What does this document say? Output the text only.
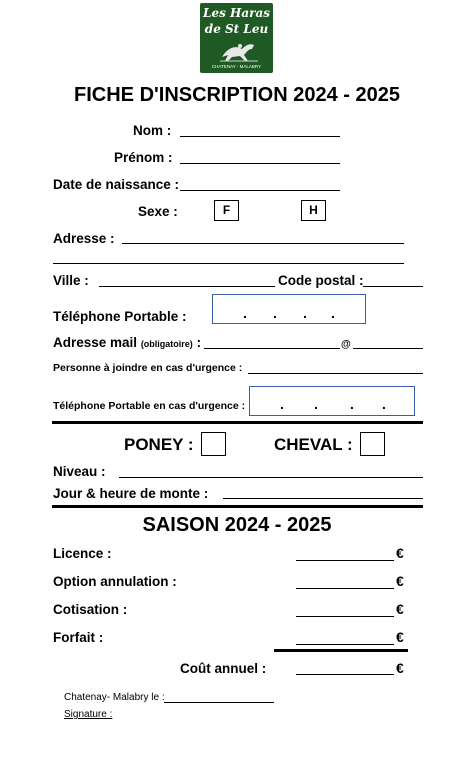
Les Haras
de St Leu
CHATENAY - MALABRY
FICHE D'INSCRIPTION 2024 - 2025
Nom :
Prénom :
Date de naissance :
Sexe :	F	H
Adresse :
Ville :	Code postal :
Téléphone Portable :	. . . .
Adresse mail (obligatoire) :	@
Personne à joindre en cas d'urgence :
Téléphone Portable en cas d'urgence : . . . .
PONEY :	CHEVAL :
Niveau :
Jour & heure de monte :
SAISON 2024 - 2025
Licence :	€
Option annulation :	€
Cotisation :	€
Forfait :	€
Coût annuel :	€
Chatenay- Malabry le :
Signature :
